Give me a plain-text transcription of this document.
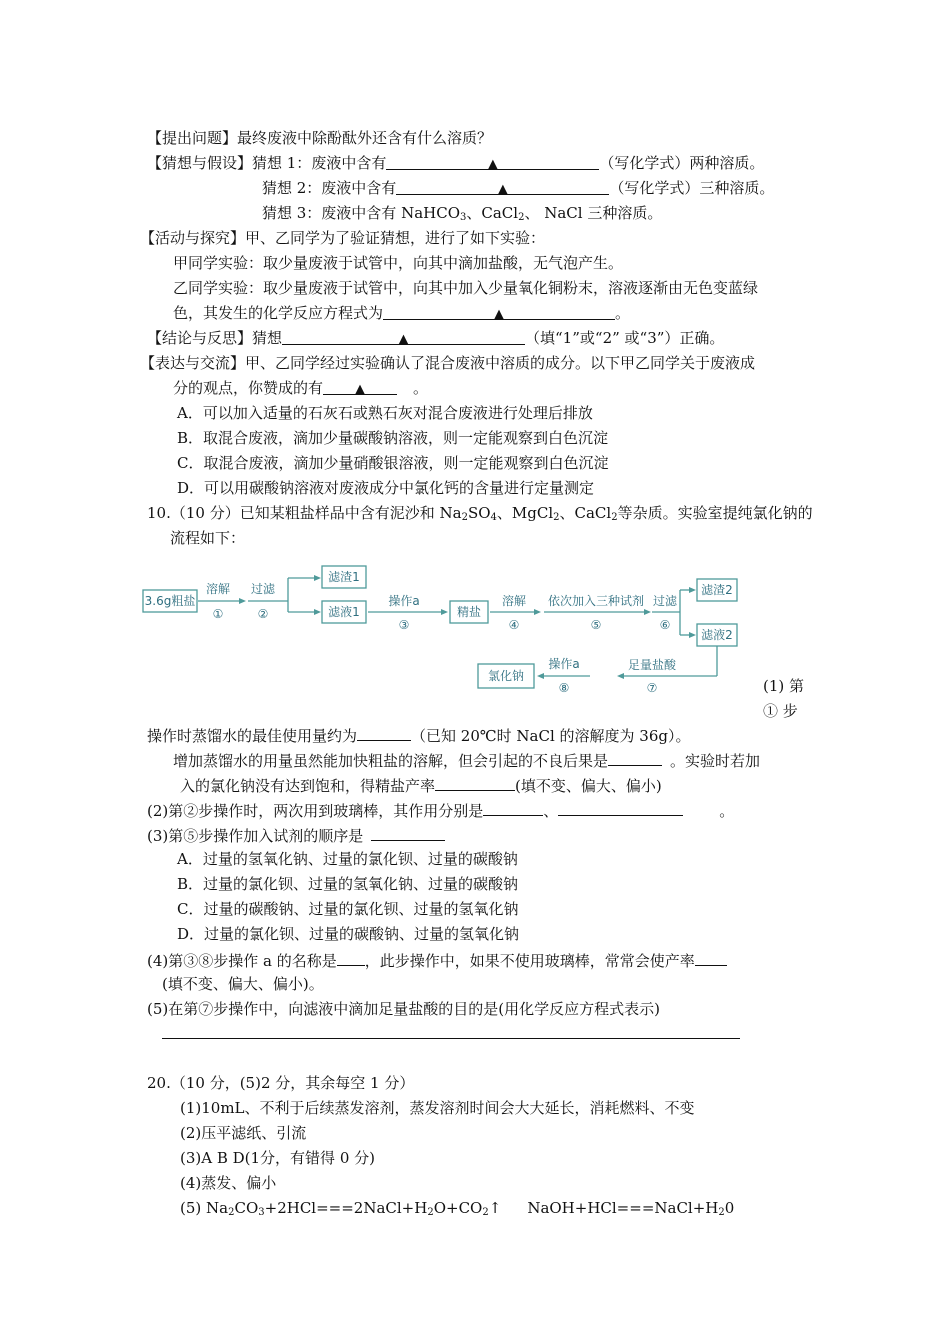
【提出问题】最终废液中除酚酞外还含有什么溶质？
【猜想与假设】猜想 1：废液中含有	▲	（写化学式）两种溶质。
猜想 2：废液中含有	▲	（写化学式）三种溶质。
猜想 3：废液中含有 NaHCO$_3$、CaCl$_2$、 NaCl 三种溶质。
【活动与探究】甲、乙同学为了验证猜想，进行了如下实验：
甲同学实验：取少量废液于试管中，向其中滴加盐酸，无气泡产生。
乙同学实验：取少量废液于试管中，向其中加入少量氧化铜粉末，溶液逐渐由无色变蓝绿
色，其发生的化学反应方程式为	▲	。
【结论与反思】猜想	▲	（填“1”或“2” 或“3”）正确。
【表达与交流】甲、乙同学经过实验确认了混合废液中溶质的成分。以下甲乙同学关于废液成
分的观点，你赞成的有 ▲	。
A．可以加入适量的石灰石或熟石灰对混合废液进行处理后排放
B．取混合废液，滴加少量碳酸钠溶液，则一定能观察到白色沉淀
C．取混合废液，滴加少量硝酸银溶液，则一定能观察到白色沉淀
D．可以用碳酸钠溶液对废液成分中氯化钙的含量进行定量测定
10.（10 分）已知某粗盐样品中含有泥沙和 $Na_2SO_4$、MgCl$_2$、CaCl$_2$等杂质。实验室提纯氯化钠的
流程如下：
3.6g粗盐
溶解
①
过滤
②
滤渣1
滤液1
操作a
③
精盐
溶解
④
依次加入三种试剂
⑤
过滤
⑥
滤渣2
滤液2
足量盐酸
⑦
操作a
⑧
氯化钠
(1) 第
① 步
操作时蒸馏水的最佳使用量约为	（已知 20℃时 NaCl 的溶解度为 36g）。
增加蒸馏水的用量虽然能加快粗盐的溶解，但会引起的不良后果是	。实验时若加
入的氯化钠没有达到饱和，得精盐产率	(填不变、偏大、偏小)
(2)第②步操作时，两次用到玻璃棒，其作用分别是	、	。
(3)第⑤步操作加入试剂的顺序是
A．过量的氢氧化钠、过量的氯化钡、过量的碳酸钠
B．过量的氯化钡、过量的氢氧化钠、过量的碳酸钠
C．过量的碳酸钠、过量的氯化钡、过量的氢氧化钠
D．过量的氯化钡、过量的碳酸钠、过量的氢氧化钠
(4)第③⑧步操作 a 的名称是 ，此步操作中，如果不使用玻璃棒，常常会使产率
(填不变、偏大、偏小)。
(5)在第⑦步操作中，向滤液中滴加足量盐酸的目的是(用化学反应方程式表示)
20.（10 分，(5)2 分，其余每空 1 分）
(1)10mL、不利于后续蒸发溶剂，蒸发溶剂时间会大大延长，消耗燃料、不变
(2)压平滤纸、引流
(3)A B D(1分，有错得 0 分)
(4)蒸发、偏小
(5) $Na_2CO_3+2HCl===2NaCl+H_2O+CO_2↑$ $NaOH+HCl===NaCl+H_20$
